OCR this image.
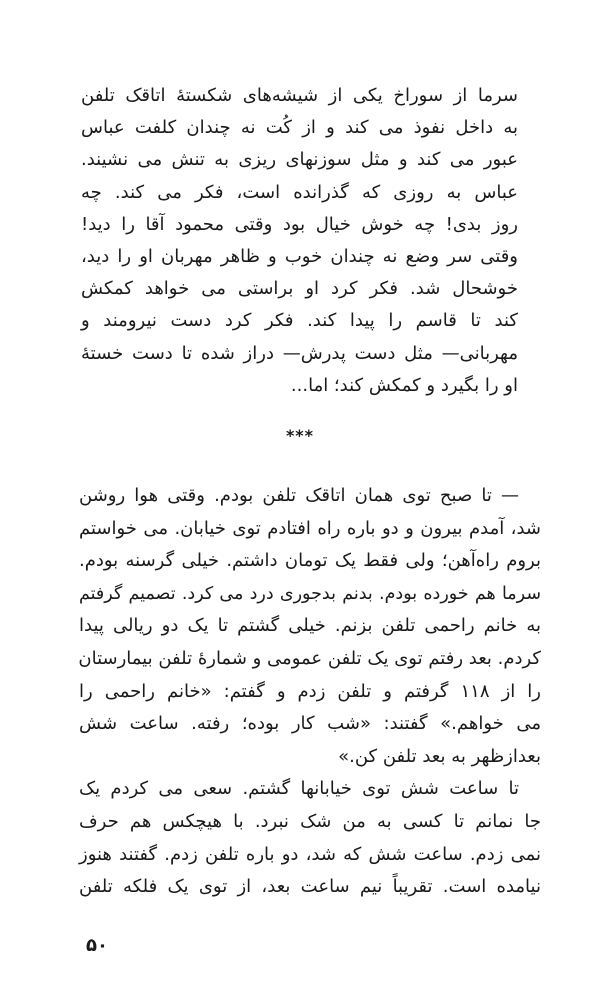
سرما از سوراخ یکی از شیشه‌های شکستهٔ اتاقک تلفن
به داخل نفوذ می کند و از کُت نه چندان کلفت عباس
عبور می کند و مثل سوزنهای ریزی به تنش می نشیند.
عباس به روزی که گذرانده است، فکر می کند. چه
روز بدی! چه خوش خیال بود وقتی محمود آقا را دید!
وقتی سر وضع نه چندان خوب و ظاهر مهربان او را دید،
خوشحال شد. فکر کرد او براستی می خواهد کمکش
کند تا قاسم را پیدا کند. فکر کرد دست نیرومند و
مهربانی— مثل دست پدرش— دراز شده تا دست خستهٔ
او را بگیرد و کمکش کند؛ اما...
***
— تا صبح توی همان اتاقک تلفن بودم. وقتی هوا روشن
شد، آمدم بیرون و دو باره راه افتادم توی خیابان. می خواستم
بروم راه‌آهن؛ ولی فقط یک تومان داشتم. خیلی گرسنه بودم.
سرما هم خورده بودم. بدنم بدجوری درد می کرد. تصمیم گرفتم
به خانم راحمی تلفن بزنم. خیلی گشتم تا یک دو ریالی پیدا
کردم. بعد رفتم توی یک تلفن عمومی و شمارهٔ تلفن بیمارستان
را از ۱۱۸ گرفتم و تلفن زدم و گفتم: «خانم راحمی را
می خواهم.» گفتند: «شب کار بوده؛ رفته. ساعت شش
بعدازظهر به بعد تلفن کن.»
تا ساعت شش توی خیابانها گشتم. سعی می کردم یک
جا نمانم تا کسی به من شک نبرد. با هیچکس هم حرف
نمی زدم. ساعت شش که شد، دو باره تلفن زدم. گفتند هنوز
نیامده است. تقریباً نیم ساعت بعد، از توی یک فلکه تلفن
۵۰
